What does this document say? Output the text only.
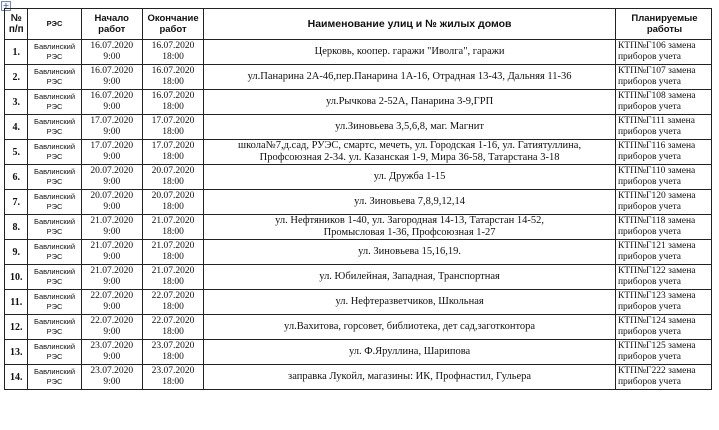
+
№ п/п	РЭС	Начало работ	Окончание работ	Наименование улиц и № жилых домов	Планируемые работы
1.	Бавлинский РЭС	16.07.2020
9:00	16.07.2020
18:00	Церковь, коопер. гаражи "Иволга", гаражи	КТП№Г106 замена
приборов учета

2.	Бавлинский РЭС	16.07.2020
9:00	16.07.2020
18:00	ул.Панарина 2А-46,пер.Панарина 1А-16, Отрадная 13-43, Дальняя 11-36	КТП№Г107 замена
приборов учета

3.	Бавлинский РЭС	16.07.2020
9:00	16.07.2020
18:00	ул.Рычкова 2-52А, Панарина 3-9,ГРП	КТП№Г108 замена
приборов учета

4.	Бавлинский РЭС	17.07.2020
9:00	17.07.2020
18:00	ул.Зиновьева 3,5,6,8, маг. Магнит	КТП№Г111 замена
приборов учета

5.	Бавлинский РЭС	17.07.2020
9:00	17.07.2020
18:00	школа№7,д.сад, РУЭС, смартс, мечеть, ул. Городская 1-16, ул. Гатиятуллина,
Профсоюзная 2-34. ул. Казанская 1-9, Мира 36-58, Татарстана 3-18	КТП№Г116 замена
приборов учета

6.	Бавлинский РЭС	20.07.2020
9:00	20.07.2020
18:00	ул. Дружба 1-15	КТП№Г110 замена
приборов учета

7.	Бавлинский РЭС	20.07.2020
9:00	20.07.2020
18:00	ул. Зиновьева 7,8,9,12,14	КТП№Г120 замена
приборов учета

8.	Бавлинский РЭС	21.07.2020
9:00	21.07.2020
18:00	ул. Нефтяников 1-40, ул. Загородная 14-13, Татарстан 14-52,
Промысловая 1-36, Профсоюзная 1-27	КТП№Г118 замена
приборов учета

9.	Бавлинский РЭС	21.07.2020
9:00	21.07.2020
18:00	ул. Зиновьева 15,16,19.	КТП№Г121 замена
приборов учета

10.	Бавлинский РЭС	21.07.2020
9:00	21.07.2020
18:00	ул. Юбилейная, Западная, Транспортная	КТП№Г122 замена
приборов учета

11.	Бавлинский РЭС	22.07.2020
9:00	22.07.2020
18:00	ул. Нефтеразветчиков, Школьная	КТП№Г123 замена
приборов учета

12.	Бавлинский РЭС	22.07.2020
9:00	22.07.2020
18:00	ул.Вахитова, горсовет, библиотека, дет сад,заготконтора	КТП№Г124 замена
приборов учета

13.	Бавлинский РЭС	23.07.2020
9:00	23.07.2020
18:00	ул. Ф.Яруллина, Шарипова	КТП№Г125 замена
приборов учета

14.	Бавлинский РЭС	23.07.2020
9:00	23.07.2020
18:00	заправка Лукойл, магазины: ИК, Профнастил, Гульера	КТП№Г222 замена
приборов учета
